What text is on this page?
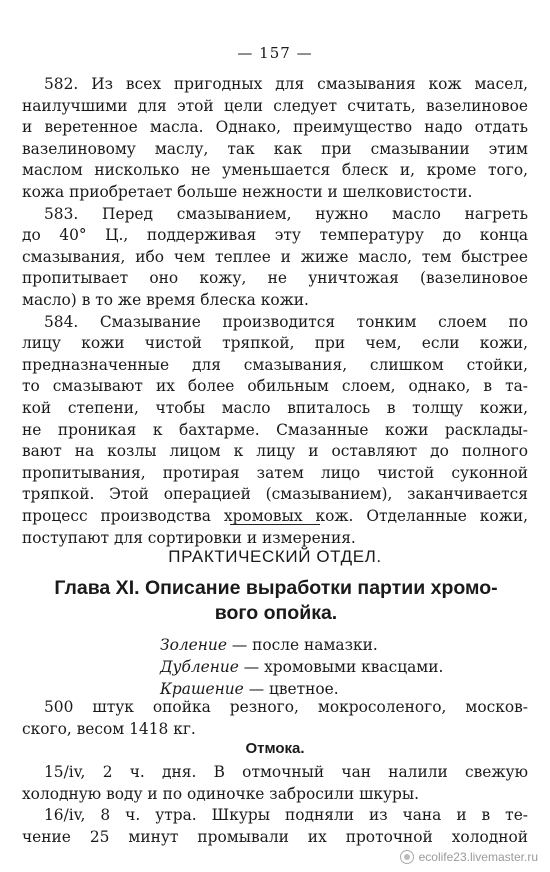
— 157 —
582. Из всех пригодных для смазывания кож масел,
наилучшими для этой цели следует считать, вазелиновое
и веретенное масла. Однако, преимущество надо отдать
вазелиновому маслу, так как при смазывании этим
маслом нисколько не уменьшается блеск и, кроме того,
кожа приобретает больше нежности и шелковистости.
583. Перед смазыванием, нужно масло нагреть
до 40° Ц., поддерживая эту температуру до конца
смазывания, ибо чем теплее и жиже масло, тем быстрее
пропитывает оно кожу, не уничтожая (вазелиновое
масло) в то же время блеска кожи.
584. Смазывание производится тонким слоем по
лицу кожи чистой тряпкой, при чем, если кожи,
предназначенные для смазывания, слишком стойки,
то смазывают их более обильным слоем, однако, в та-
кой степени, чтобы масло впиталось в толщу кожи,
не проникая к бахтарме. Смазанные кожи расклады-
вают на козлы лицом к лицу и оставляют до полного
пропитывания, протирая затем лицо чистой суконной
тряпкой. Этой операцией (смазыванием), заканчивается
процесс производства хромовых кож. Отделанные кожи,
поступают для сортировки и измерения.
ПРАКТИЧЕСКИЙ ОТДЕЛ.
Глава XI. Описание выработки партии хромо-
вого опойка.
Золение — после намазки.
Дубление — хромовыми квасцами.
Крашение — цветное.
500 штук опойка резного, мокросоленого, москов-
ского, весом 1418 кг.
Отмока.
15/iv, 2 ч. дня. В отмочный чан налили свежую
холодную воду и по одиночке забросили шкуры.
16/iv, 8 ч. утра. Шкуры подняли из чана и в те-
чение 25 минут промывали их проточной холодной
ecolife23.livemaster.ru
